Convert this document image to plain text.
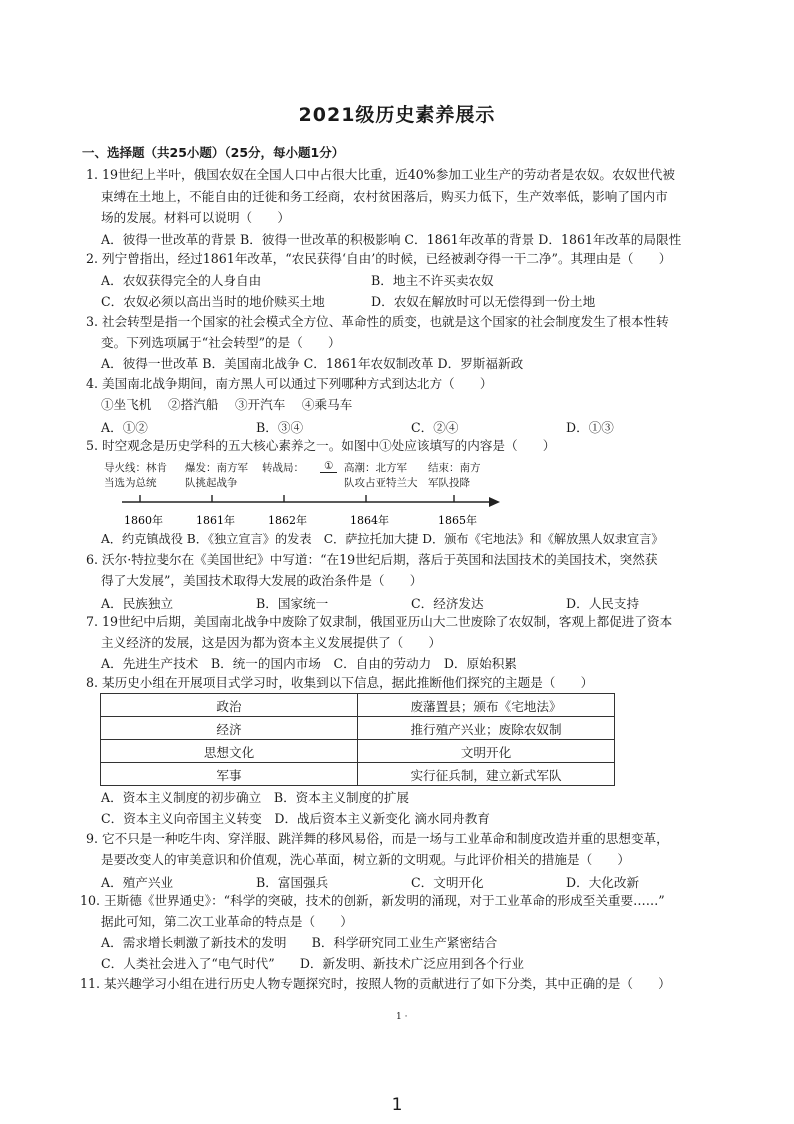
2021级历史素养展示
一、选择题（共25小题）（25分，每小题1分）
1. 19世纪上半叶，俄国农奴在全国人口中占很大比重，近40%参加工业生产的劳动者是农奴。农奴世代被
束缚在土地上，不能自由的迁徙和务工经商，农村贫困落后，购买力低下，生产效率低，影响了国内市
场的发展。材料可以说明（　　）
A．彼得一世改革的背景 B．彼得一世改革的积极影响 C．1861年改革的背景 D．1861年改革的局限性
2. 列宁曾指出，经过1861年改革，“农民获得‘自由’的时候，已经被剥夺得一干二净”。其理由是（　　）
A．农奴获得完全的人身自由	B．地主不许买卖农奴
C．农奴必须以高出当时的地价赎买土地	D．农奴在解放时可以无偿得到一份土地
3. 社会转型是指一个国家的社会模式全方位、革命性的质变，也就是这个国家的社会制度发生了根本性转
变。下列选项属于“社会转型”的是（　　）
A．彼得一世改革 B．美国南北战争 C．1861年农奴制改革 D．罗斯福新政
4. 美国南北战争期间，南方黑人可以通过下列哪种方式到达北方（　　）
①坐飞机　 ②搭汽船　 ③开汽车　 ④乘马车
A．①②	B．③④	C．②④	D．①③
5. 时空观念是历史学科的五大核心素养之一。如图中①处应该填写的内容是（　　）
导火线：林肯
当选为总统
爆发：南方军
队挑起战争
转战局：	①	高潮：北方军
队攻占亚特兰大
结束：南方
军队投降
1860年	1861年	1862年	1864年	1865年
A．约克镇战役 B．《独立宣言》的发表　C．萨拉托加大捷 D．颁布《宅地法》和《解放黑人奴隶宣言》
6. 沃尔·特拉斐尔在《美国世纪》中写道：“在19世纪后期，落后于英国和法国技术的美国技术，突然获
得了大发展”，美国技术取得大发展的政治条件是（　　）
A．民族独立	B．国家统一	C．经济发达	D．人民支持
7. 19世纪中后期，美国南北战争中废除了奴隶制，俄国亚历山大二世废除了农奴制，客观上都促进了资本
主义经济的发展，这是因为都为资本主义发展提供了（　　）
A．先进生产技术　B．统一的国内市场　C．自由的劳动力　D．原始积累
8. 某历史小组在开展项目式学习时，收集到以下信息，据此推断他们探究的主题是（　　）
政治	废藩置县；颁布《宅地法》
经济	推行殖产兴业；废除农奴制
思想文化	文明开化
军事	实行征兵制，建立新式军队
A．资本主义制度的初步确立　B．资本主义制度的扩展
C．资本主义向帝国主义转变　D．战后资本主义新变化 滴水同舟教育
9. 它不只是一种吃牛肉、穿洋服、跳洋舞的移风易俗，而是一场与工业革命和制度改造并重的思想变革，
是要改变人的审美意识和价值观，洗心革面，树立新的文明观。与此评价相关的措施是（　　）
A．殖产兴业	B．富国强兵	C．文明开化	D．大化改新
10. 王斯德《世界通史》：“科学的突破，技术的创新，新发明的涌现，对于工业革命的形成至关重要……”
据此可知，第二次工业革命的特点是（　　）
A．需求增长刺激了新技术的发明　　B．科学研究同工业生产紧密结合
C．人类社会进入了“电气时代”　　D．新发明、新技术广泛应用到各个行业
11. 某兴趣学习小组在进行历史人物专题探究时，按照人物的贡献进行了如下分类，其中正确的是（　　）
1 ·
1
